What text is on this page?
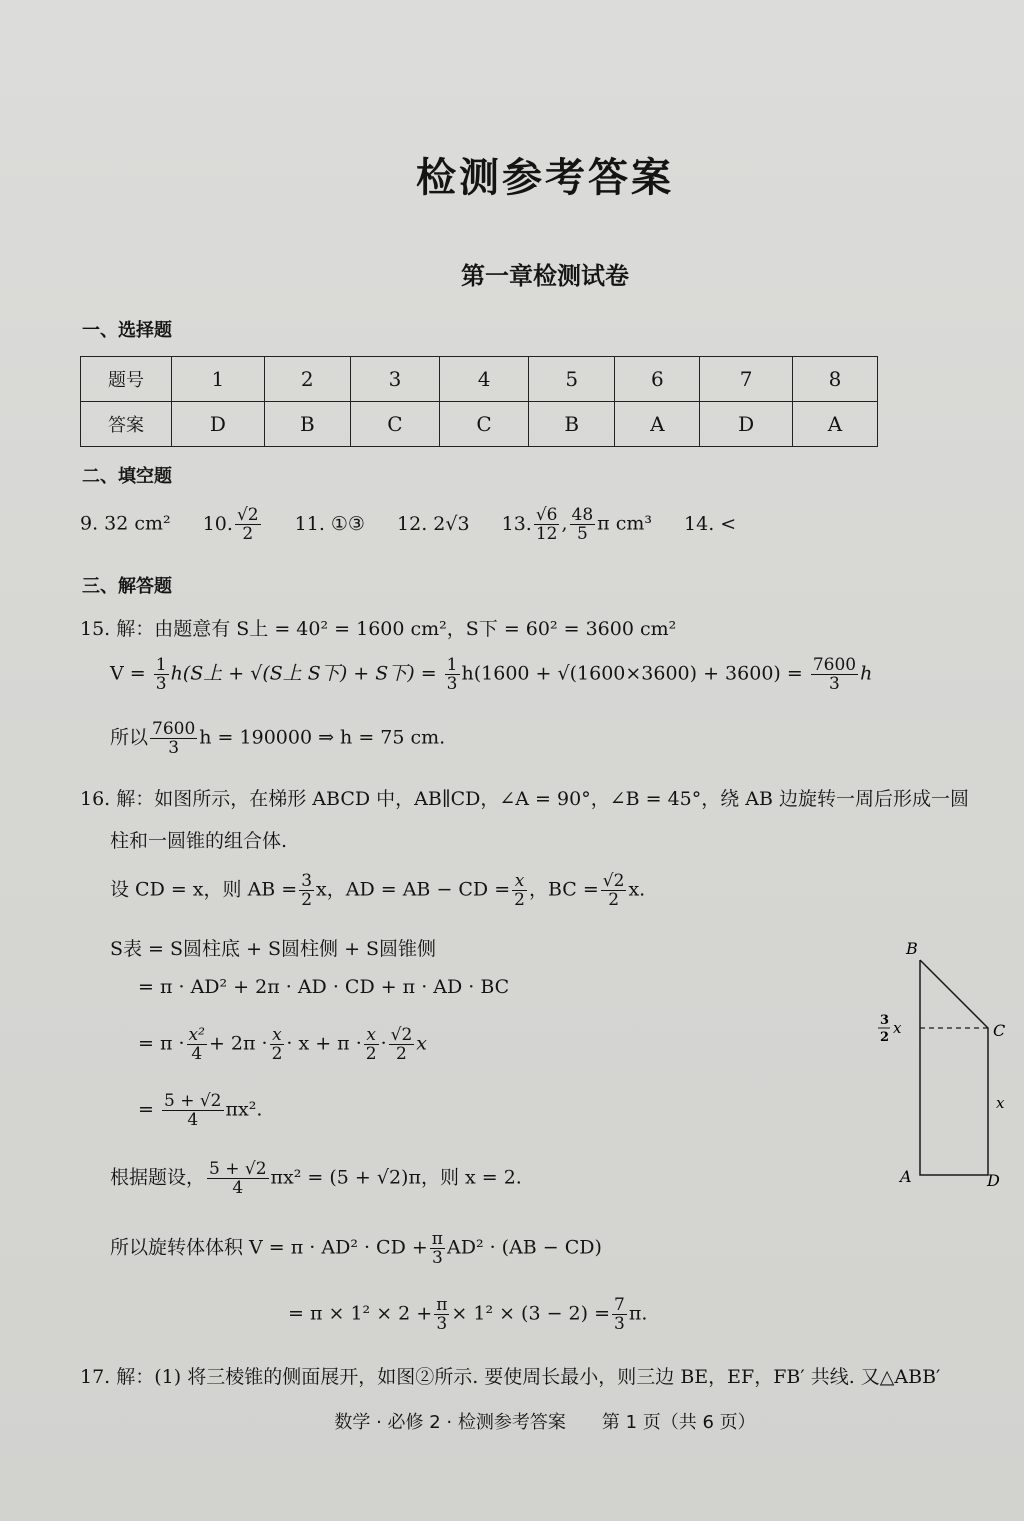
检测参考答案
第一章检测试卷
一、选择题
题号	1	2	3	4	5	6	7	8
答案	D	B	C	C	B	A	D	A
二、填空题
9. 32 cm² 10. $\frac{√2}{2} 11$. ①③ 12. 2√3 13. $\frac{√6}{12}$ , $\frac{48}{5}$ π cm³ 14. <
三、解答题
15. 解：由题意有 S上 = 40² = 1600 cm²，S下 = 60² = 3600 cm²
$V = \frac{1}{3} h(S$上 + √(S上 S下) + S下) = $\frac{1}{3} h(1600 + √(1600\times 3600) + 3600) = \frac{7600}{3}$ h
所以 $\frac{7600}{3}$ h = 190000 ⇒ h = 75 cm.
16. 解：如图所示，在梯形 ABCD 中，AB∥CD，∠A = 90°，∠B = 45°，绕 AB 边旋转一周后形成一圆
柱和一圆锥的组合体.
设 CD = x，则 AB = $\frac{3}{2}$ x，AD = AB − CD = $\frac{x}{2}$ ，BC = $\frac{√2}{2} x$.
S表 = S圆柱底 + S圆柱侧 + S圆锥侧
= π · AD² + 2π · AD · CD + π · AD · BC
= $\pi \cdot \frac{\text{x²}}{4} + 2\pi \cdot \frac{x}{2} \cdot x + \pi \cdot \frac{x}{2} \cdot \frac{√2}{2}$ x
= $\frac{5 + √2}{4} \pi x^2$.
根据题设， $\frac{5 + √2}{4} \pi x^2 = (5 + √2)\pi$，则 x = 2.
所以旋转体体积 V = π · AD² · CD + $\frac{\pi}{3} AD^2 \cdot (AB - CD)$
= $\pi \times 1^2 \times 2 + \frac{\pi}{3} \times 1^2 \times (3 - 2) = \frac{7}{3} \pi$.
17. 解：(1) 将三棱锥的侧面展开，如图②所示. 要使周长最小，则三边 BE，EF，FB′ 共线. 又△ABB′
B
C
A	D
x
3
2
x
数学 · 必修 2 · 检测参考答案　　第 1 页（共 6 页）
